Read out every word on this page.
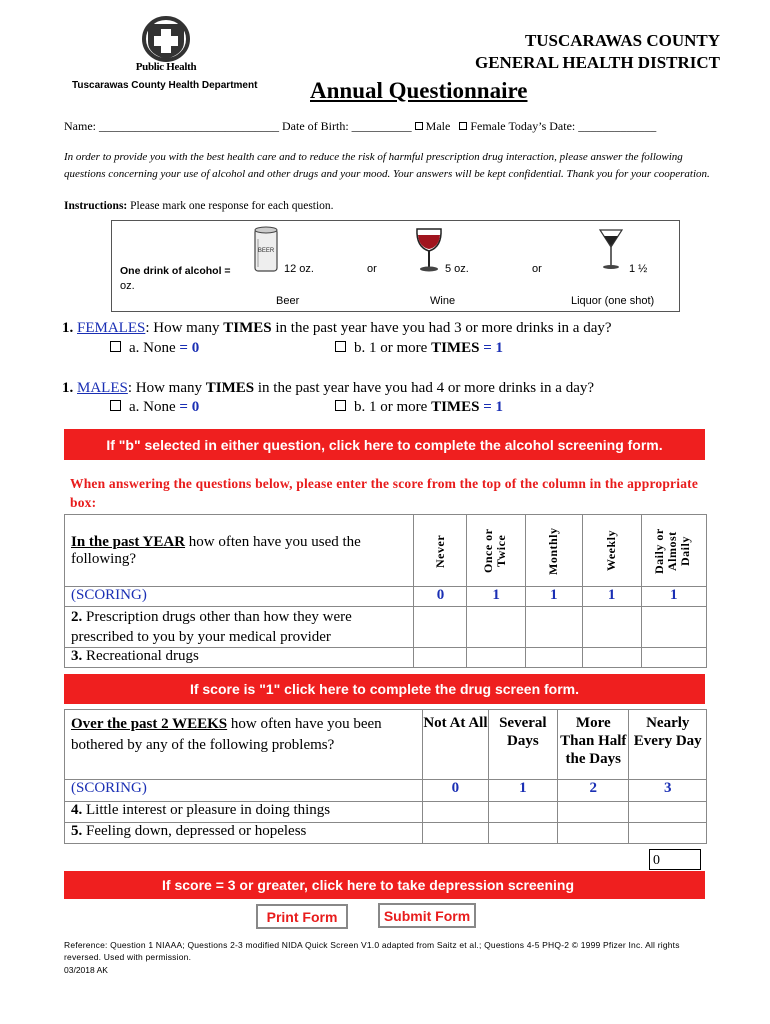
Public Health
Tuscarawas County Health Department
TUSCARAWAS COUNTY
GENERAL HEALTH DISTRICT
Annual Questionnaire
Name: ______________________________ Date of Birth: __________ Male Female Today’s Date: _____________
In order to provide you with the best health care and to reduce the risk of harmful prescription drug interaction, please answer the following questions concerning your use of alcohol and other drugs and your mood. Your answers will be kept confidential. Thank you for your cooperation.
Instructions: Please mark one response for each question.
BEER
One drink of alcohol =	12 oz.	or	5 oz.	or	1 ½
oz.
Beer	Wine	Liquor (one shot)
1. FEMALES: How many TIMES in the past year have you had 3 or more drinks in a day?
a. None = 0	b. 1 or more TIMES = 1
1. MALES: How many TIMES in the past year have you had 4 or more drinks in a day?
a. None = 0	b. 1 or more TIMES = 1
If "b" selected in either question, click here to complete the alcohol screening form.
When answering the questions below, please enter the score from the top of the column in the appropriate box:
In the past YEAR how often have you used the following?	Never	Once or Twice	Monthly	Weekly	Daily or Almost Daily

(SCORING)	0	1	1	1	1
2. Prescription drugs other than how they were prescribed to you by your medical provider					
3. Recreational drugs					
If score is "1" click here to complete the drug screen form.
Over the past 2 WEEKS how often have you been bothered by any of the following problems?	Not At All	Several Days	More Than Half the Days	Nearly Every Day
(SCORING)	0	1	2	3
4. Little interest or pleasure in doing things				
5. Feeling down, depressed or hopeless				
0
If score = 3 or greater, click here to take depression screening
Print Form	Submit Form
Reference: Question 1 NIAAA; Questions 2-3 modified NIDA Quick Screen V1.0 adapted from Saitz et al.; Questions 4-5 PHQ-2 © 1999 Pfizer Inc. All rights reversed. Used with permission.
03/2018 AK
